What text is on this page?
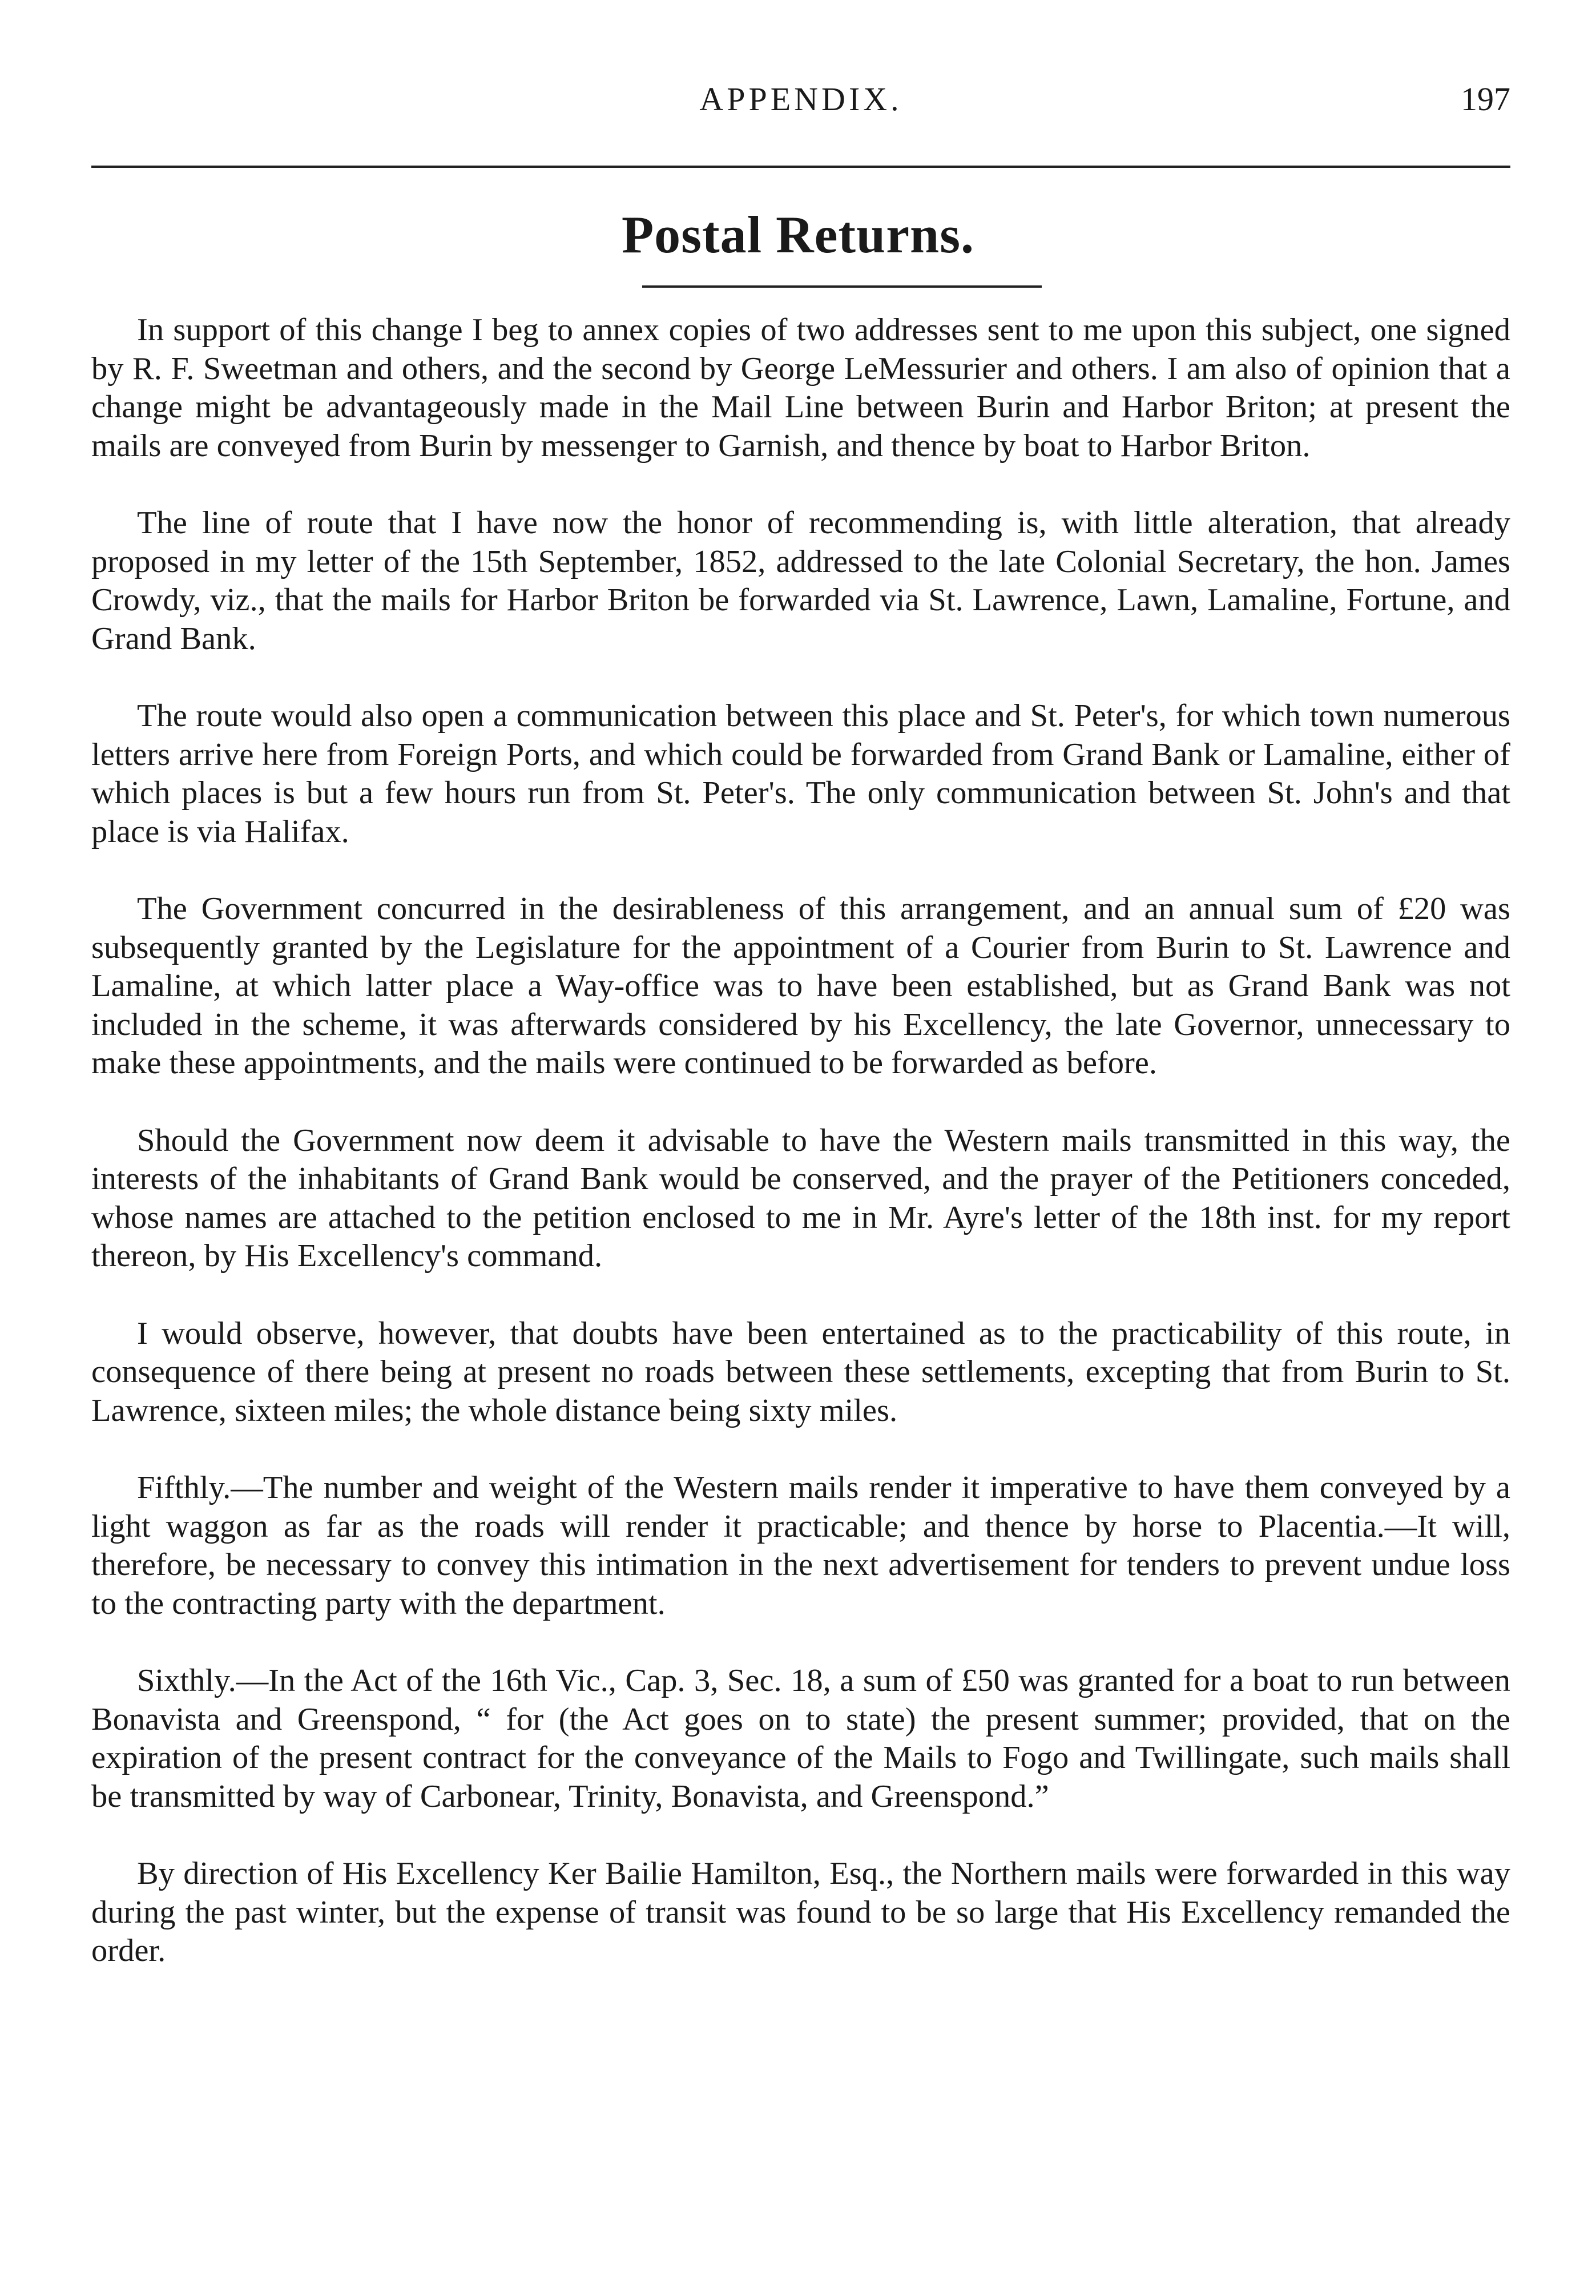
APPENDIX.	197
Postal Returns.

In support of this change I beg to annex copies of two addresses sent to me upon this subject, one signed by R. F. Sweetman and others, and the second by George LeMessurier and others. I am also of opinion that a change might be advantageously made in the Mail Line between Burin and Harbor Briton; at present the mails are conveyed from Burin by messenger to Garnish, and thence by boat to Harbor Briton.

The line of route that I have now the honor of recommending is, with little alteration, that already proposed in my letter of the 15th September, 1852, addressed to the late Colonial Secretary, the hon. James Crowdy, viz., that the mails for Harbor Briton be forwarded via St. Lawrence, Lawn, Lamaline, Fortune, and Grand Bank.

The route would also open a communication between this place and St. Peter's, for which town numerous letters arrive here from Foreign Ports, and which could be forwarded from Grand Bank or Lamaline, either of which places is but a few hours run from St. Peter's. The only communication between St. John's and that place is via Halifax.

The Government concurred in the desirableness of this arrangement, and an annual sum of £20 was subsequently granted by the Legislature for the appointment of a Courier from Burin to St. Lawrence and Lamaline, at which latter place a Way-office was to have been established, but as Grand Bank was not included in the scheme, it was afterwards considered by his Excellency, the late Governor, unnecessary to make these appointments, and the mails were continued to be forwarded as before.

Should the Government now deem it advisable to have the Western mails transmitted in this way, the interests of the inhabitants of Grand Bank would be conserved, and the prayer of the Petitioners conceded, whose names are attached to the petition enclosed to me in Mr. Ayre's letter of the 18th inst. for my report thereon, by His Excellency's command.

I would observe, however, that doubts have been entertained as to the practicability of this route, in consequence of there being at present no roads between these settlements, excepting that from Burin to St. Lawrence, sixteen miles; the whole distance being sixty miles.

Fifthly.—The number and weight of the Western mails render it imperative to have them conveyed by a light waggon as far as the roads will render it practicable; and thence by horse to Placentia.—It will, therefore, be necessary to convey this intimation in the next advertisement for tenders to prevent undue loss to the contracting party with the department.

Sixthly.—In the Act of the 16th Vic., Cap. 3, Sec. 18, a sum of £50 was granted for a boat to run between Bonavista and Greenspond, “ for (the Act goes on to state) the present summer; provided, that on the expiration of the present contract for the conveyance of the Mails to Fogo and Twillingate, such mails shall be transmitted by way of Carbonear, Trinity, Bonavista, and Greenspond.”

By direction of His Excellency Ker Bailie Hamilton, Esq., the Northern mails were forwarded in this way during the past winter, but the expense of transit was found to be so large that His Excellency remanded the order.
